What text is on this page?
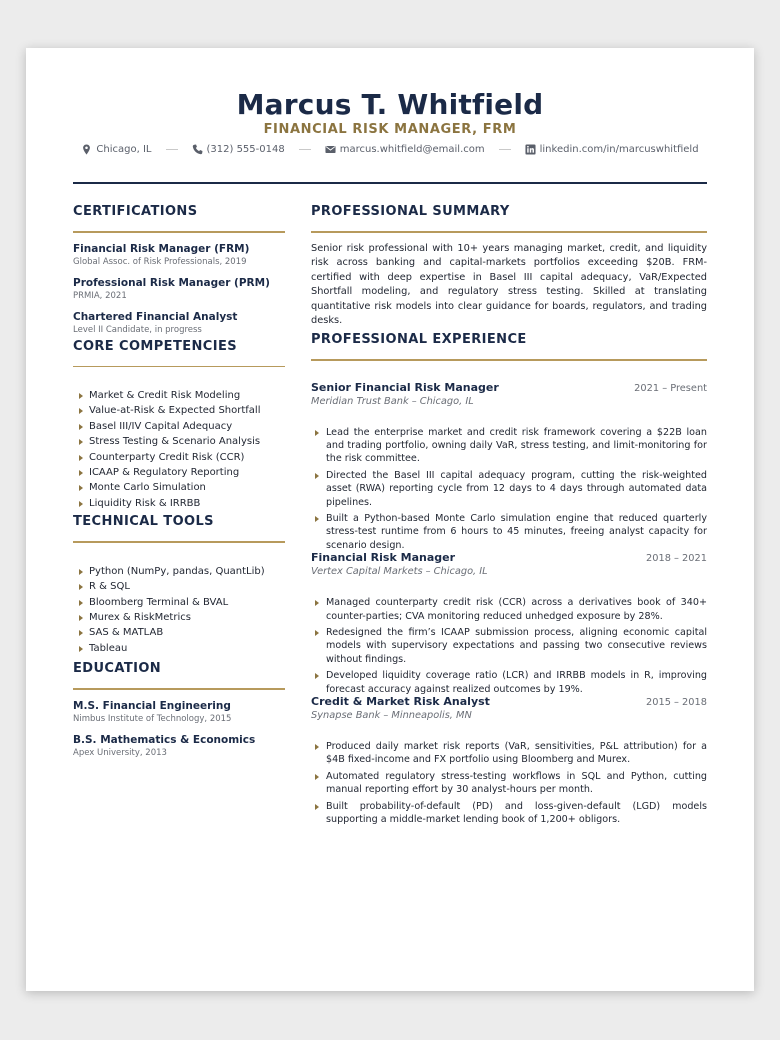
Marcus T. Whitfield
FINANCIAL RISK MANAGER, FRM
Chicago, IL	(312) 555-0148	marcus.whitfield@email.com	linkedin.com/in/marcuswhitfield
CERTIFICATIONS
Financial Risk Manager (FRM)
Global Assoc. of Risk Professionals, 2019
Professional Risk Manager (PRM)
PRMIA, 2021
Chartered Financial Analyst
Level II Candidate, in progress
CORE COMPETENCIES
Market & Credit Risk Modeling
Value-at-Risk & Expected Shortfall
Basel III/IV Capital Adequacy
Stress Testing & Scenario Analysis
Counterparty Credit Risk (CCR)
ICAAP & Regulatory Reporting
Monte Carlo Simulation
Liquidity Risk & IRRBB
TECHNICAL TOOLS
Python (NumPy, pandas, QuantLib)
R & SQL
Bloomberg Terminal & BVAL
Murex & RiskMetrics
SAS & MATLAB
Tableau
EDUCATION
M.S. Financial Engineering
Nimbus Institute of Technology, 2015
B.S. Mathematics & Economics
Apex University, 2013
PROFESSIONAL SUMMARY

Senior risk professional with 10+ years managing market, credit, and liquidity risk across banking and capital-markets portfolios exceeding $20B. FRM-certified with deep expertise in Basel III capital adequacy, VaR/Expected Shortfall modeling, and regulatory stress testing. Skilled at translating quantitative risk models into clear guidance for boards, regulators, and trading desks.

PROFESSIONAL EXPERIENCE
Senior Financial Risk Manager	2021 – Present
Meridian Trust Bank – Chicago, IL
Lead the enterprise market and credit risk framework covering a $22B loan and trading portfolio, owning daily VaR, stress testing, and limit-monitoring for the risk committee.
Directed the Basel III capital adequacy program, cutting the risk-weighted asset (RWA) reporting cycle from 12 days to 4 days through automated data pipelines.
Built a Python-based Monte Carlo simulation engine that reduced quarterly stress-test runtime from 6 hours to 45 minutes, freeing analyst capacity for scenario design.
Financial Risk Manager	2018 – 2021
Vertex Capital Markets – Chicago, IL
Managed counterparty credit risk (CCR) across a derivatives book of 340+ counter-parties; CVA monitoring reduced unhedged exposure by 28%.
Redesigned the firm’s ICAAP submission process, aligning economic capital models with supervisory expectations and passing two consecutive reviews without findings.
Developed liquidity coverage ratio (LCR) and IRRBB models in R, improving forecast accuracy against realized outcomes by 19%.
Credit & Market Risk Analyst	2015 – 2018
Synapse Bank – Minneapolis, MN
Produced daily market risk reports (VaR, sensitivities, P&L attribution) for a $4B fixed-income and FX portfolio using Bloomberg and Murex.
Automated regulatory stress-testing workflows in SQL and Python, cutting manual reporting effort by 30 analyst-hours per month.
Built probability-of-default (PD) and loss-given-default (LGD) models supporting a middle-market lending book of 1,200+ obligors.
